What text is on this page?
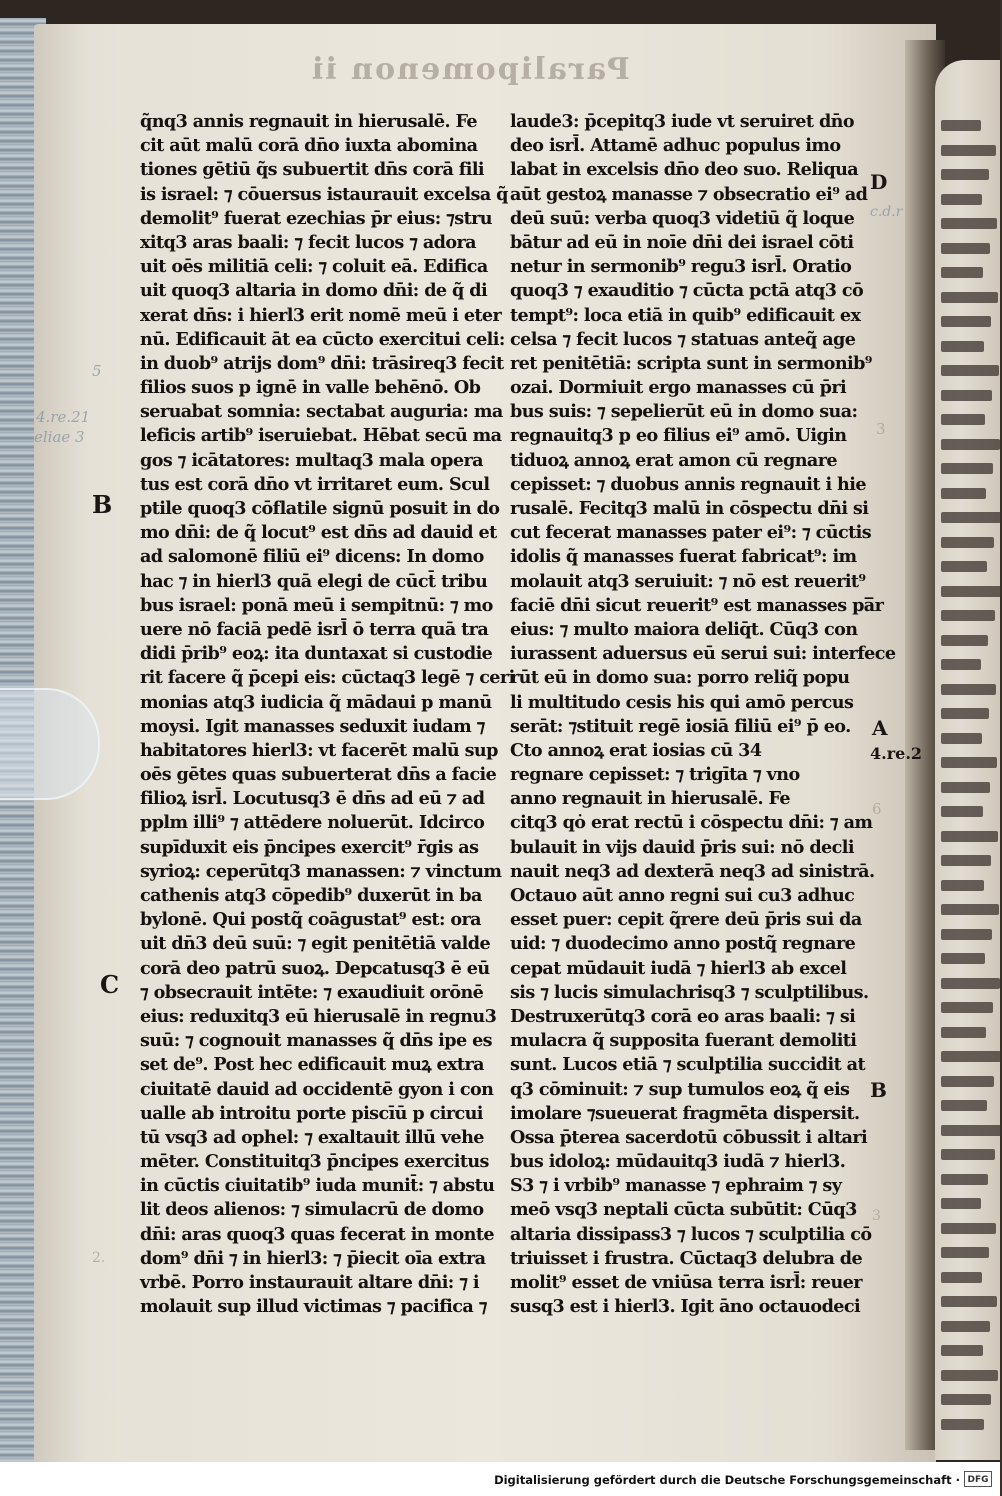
Paralipomenon ii
q̃nq3 annis regnauit in hierusalē. Fe
cit aūt malū corā dn̄o iuxta abomina
tiones gētiū q̃s subuertit dn̄s corā fili
is israel: ⁊ cōuersus istaurauit excelsa q̃
demolit⁹ fuerat ezechias p̄r eius: ⁊stru
xitq3 aras baali: ⁊ fecit lucos ⁊ adora
uit oēs militiā celi: ⁊ coluit eā. Edifica
uit quoq3 altaria in domo dn̄i: de q̃ di
xerat dn̄s: i hierl3 erit nomē meū i eter
nū. Edificauit āt ea cūcto exercitui celi:
in duob⁹ atrijs dom⁹ dn̄i: trāsireq3 fecit
filios suos p ignē in valle behēnō. Ob
seruabat somnia: sectabat auguria: ma
leficis artib⁹ iseruiebat. Hēbat secū ma
gos ⁊ icātatores: multaq3 mala opera
tus est corā dn̄o vt irritaret eum. Scul
ptile quoq3 cōflatile signū posuit in do
mo dn̄i: de q̃ locut⁹ est dn̄s ad dauid et
ad salomonē filiū ei⁹ dicens: In domo
hac ⁊ in hierl3 quā elegi de cūct̄ tribu
bus israel: ponā meū i sempitnū: ⁊ mo
uere nō faciā pedē isrl̄ ō terra quā tra
didi p̄rib⁹ eoꝝ: ita duntaxat si custodie
rit facere q̃ p̄cepi eis: cūctaq3 legē ⁊ ceri
monias atq3 iudicia q̃ mādaui p manū
moysi. Igit manasses seduxit iudam ⁊
habitatores hierl3: vt facerēt malū sup
oēs gētes quas subuerterat dn̄s a facie
filioꝝ isrl̄. Locutusq3 ē dn̄s ad eū ⁊ ad
pplm illi⁹ ⁊ attēdere noluerūt. Idcirco
supīduxit eis p̄ncipes exercit⁹ r̄gis as
syrioꝝ: ceperūtq3 manassen: ⁊ vinctum
cathenis atq3 cōpedib⁹ duxerūt in ba
bylonē. Qui postq̃ coāgustat⁹ est: ora
uit dn̄3 deū suū: ⁊ egit penitētiā valde
corā deo patrū suoꝝ. Depcatusq3 ē eū
⁊ obsecrauit intēte: ⁊ exaudiuit orōnē
eius: reduxitq3 eū hierusalē in regnu3
suū: ⁊ cognouit manasses q̃ dn̄s ipe es
set de⁹. Post hec edificauit muꝝ extra
ciuitatē dauid ad occidentē gyon i con
ualle ab introitu porte piscīū p circui
tū vsq3 ad ophel: ⁊ exaltauit illū vehe
mēter. Constituitq3 p̄ncipes exercitus
in cūctis ciuitatib⁹ iuda munit̄: ⁊ abstu
lit deos alienos: ⁊ simulacrū de domo
dn̄i: aras quoq3 quas fecerat in monte
dom⁹ dn̄i ⁊ in hierl3: ⁊ p̄iecit oīa extra
vrbē. Porro instaurauit altare dn̄i: ⁊ i
molauit sup illud victimas ⁊ pacifica ⁊
laude3: p̄cepitq3 iude vt seruiret dn̄o
deo isrl̄. Attamē adhuc populus imo
labat in excelsis dn̄o deo suo. Reliqua
aūt gestoꝝ manasse ⁊ obsecratio ei⁹ ad
deū suū: verba quoq3 videtiū q̃ loque
bātur ad eū in noīe dn̄i dei israel cōti
netur in sermonib⁹ regu3 isrl̄. Oratio
quoq3 ⁊ exauditio ⁊ cūcta pctā atq3 cō
tempt⁹: loca etiā in quib⁹ edificauit ex
celsa ⁊ fecit lucos ⁊ statuas anteq̃ age
ret penitētiā: scripta sunt in sermonib⁹
ozai. Dormiuit ergo manasses cū p̄ri
bus suis: ⁊ sepelierūt eū in domo sua:
regnauitq3 p eo filius ei⁹ amō. Uigin
tiduoꝝ annoꝝ erat amon cū regnare
cepisset: ⁊ duobus annis regnauit i hie
rusalē. Fecitq3 malū in cōspectu dn̄i si
cut fecerat manasses pater ei⁹: ⁊ cūctis
idolis q̃ manasses fuerat fabricat⁹: im
molauit atq3 seruiuit: ⁊ nō est reuerit⁹
faciē dn̄i sicut reuerit⁹ est manasses pa̅r
eius: ⁊ multo maiora deliq̄t. Cūq3 con
iurassent aduersus eū serui sui: interfece
rūt eū in domo sua: porro reliq̃ popu
li multitudo cesis his qui amō percus
serāt: ⁊stituit regē iosiā filiū ei⁹ p̄ eo.
Cto annoꝝ erat iosias cū 34
regnare cepisset: ⁊ trigīta ⁊ vno
anno regnauit in hierusalē. Fe
citq3 qȯ erat rectū i cōspectu dn̄i: ⁊ am
bulauit in vijs dauid p̄ris sui: nō decli
nauit neq3 ad dexterā neq3 ad sinistrā.
Octauo aūt anno regni sui cu3 adhuc
esset puer: cepit q̃rere deū p̄ris sui da
uid: ⁊ duodecimo anno postq̃ regnare
cepat mūdauit iudā ⁊ hierl3 ab excel
sis ⁊ lucis simulachrisq3 ⁊ sculptilibus.
Destruxerūtq3 corā eo aras baali: ⁊ si
mulacra q̃ supposita fuerant demoliti
sunt. Lucos etiā ⁊ sculptilia succidit at
q3 cōminuit: ⁊ sup tumulos eoꝝ q̃ eis
imolare ⁊sueuerat fragmēta dispersit.
Ossa p̄terea sacerdotū cōbussit i altari
bus idoloꝝ: mūdauitq3 iudā ⁊ hierl3.
S3 ⁊ i vrbib⁹ manasse ⁊ ephraim ⁊ sy
meō vsq3 neptali cūcta subūtit: Cūq3
altaria dissipass3 ⁊ lucos ⁊ sculptilia cō
triuisset i frustra. Cūctaq3 delubra de
molit⁹ esset de vniūsa terra isrl̄: reuer
susq3 est i hierl3. Igit āno octauodeci
B
C
D
A
4.re.2
B
4.re.21
eliae 3
5
c.d.r
3
6
2.
3
Digitalisierung gefördert durch die Deutsche Forschungsgemeinschaft · DFG
